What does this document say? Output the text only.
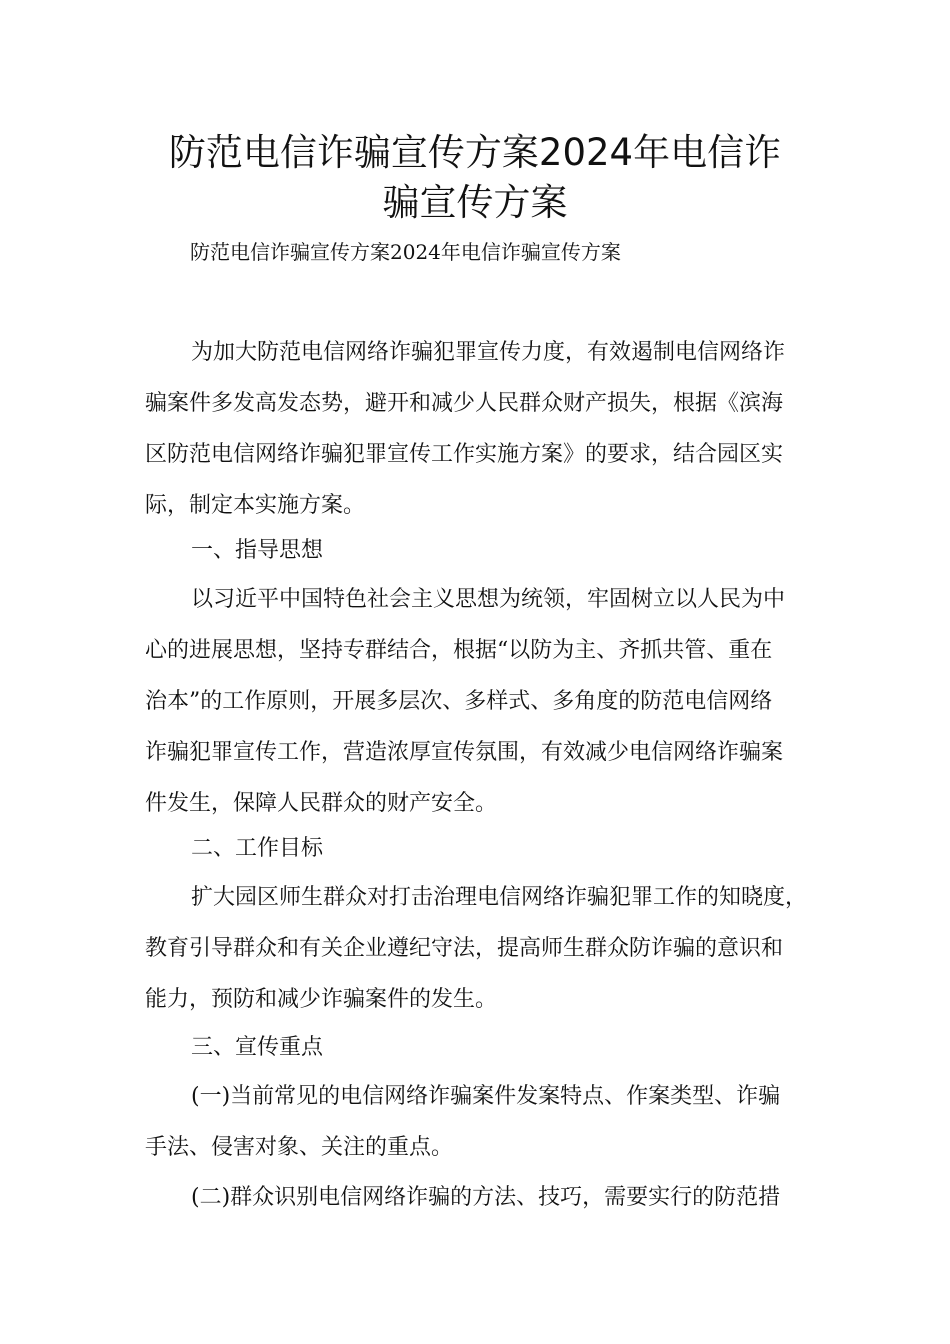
防范电信诈骗宣传方案2024年电信诈
骗宣传方案

防范电信诈骗宣传方案2024年电信诈骗宣传方案

为加大防范电信网络诈骗犯罪宣传力度，有效遏制电信网络诈
骗案件多发高发态势，避开和减少人民群众财产损失，根据《滨海
区防范电信网络诈骗犯罪宣传工作实施方案》的要求，结合园区实
际，制定本实施方案。

一、指导思想

以习近平中国特色社会主义思想为统领，牢固树立以人民为中
心的进展思想，坚持专群结合，根据“以防为主、齐抓共管、重在
治本”的工作原则，开展多层次、多样式、多角度的防范电信网络
诈骗犯罪宣传工作，营造浓厚宣传氛围，有效减少电信网络诈骗案
件发生，保障人民群众的财产安全。

二、工作目标

扩大园区师生群众对打击治理电信网络诈骗犯罪工作的知晓度，
教育引导群众和有关企业遵纪守法，提高师生群众防诈骗的意识和
能力，预防和减少诈骗案件的发生。

三、宣传重点

(一)当前常见的电信网络诈骗案件发案特点、作案类型、诈骗
手法、侵害对象、关注的重点。

(二)群众识别电信网络诈骗的方法、技巧，需要实行的防范措
